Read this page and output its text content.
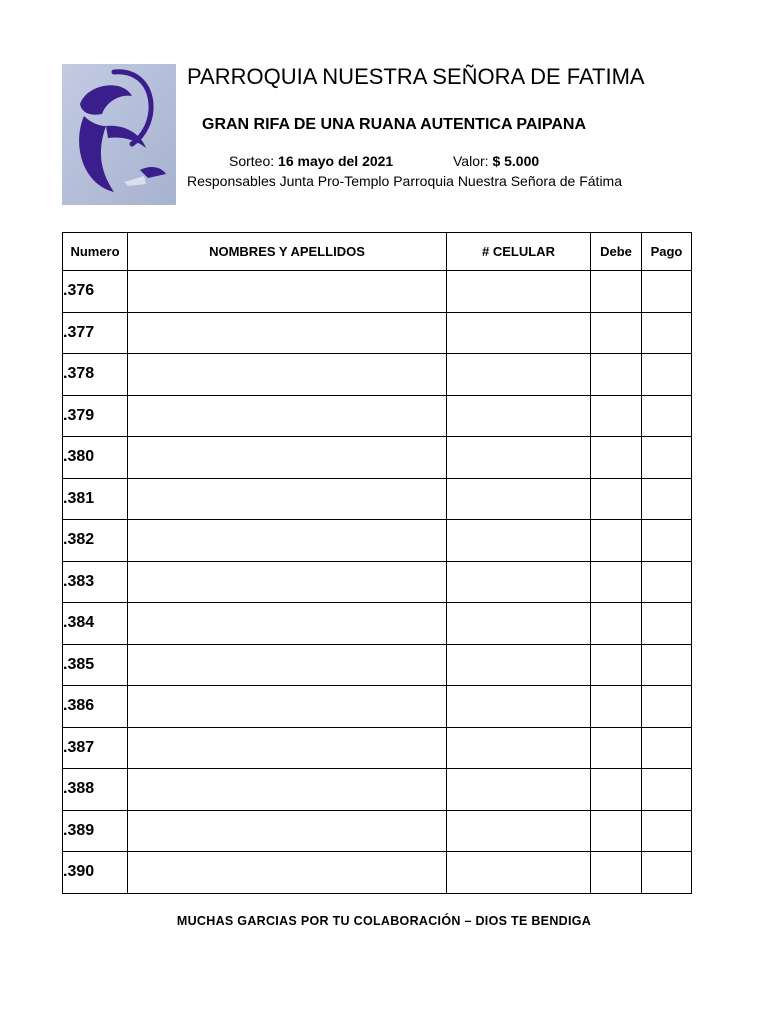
PARROQUIA NUESTRA SEÑORA DE FATIMA
GRAN RIFA DE UNA RUANA AUTENTICA PAIPANA
Sorteo: 16 mayo del 2021	Valor: $ 5.000
Responsables Junta Pro-Templo Parroquia Nuestra Señora de Fátima
Numero	NOMBRES Y APELLIDOS	# CELULAR	Debe	Pago
.376				
.377				
.378				
.379				
.380				
.381				
.382				
.383				
.384				
.385				
.386				
.387				
.388				
.389				
.390				
MUCHAS GARCIAS POR TU COLABORACIÓN – DIOS TE BENDIGA
